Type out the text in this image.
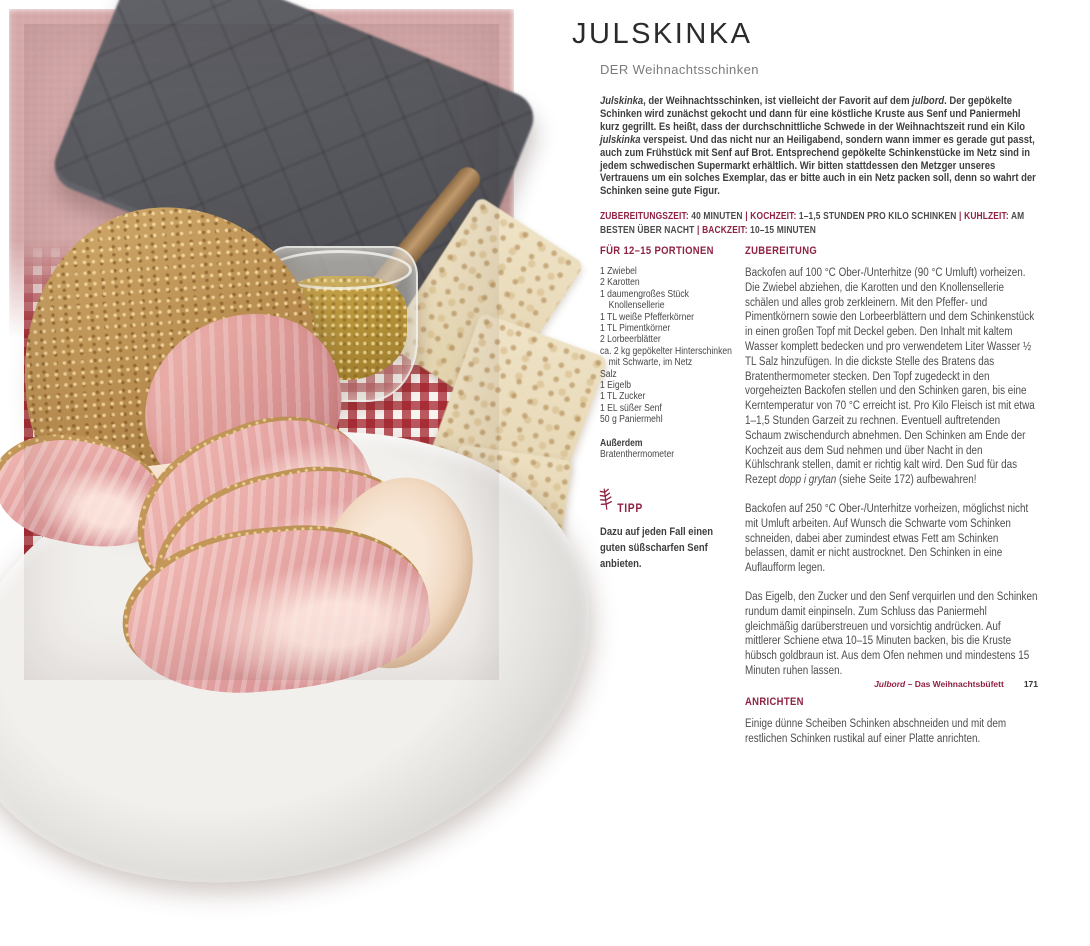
JULSKINKA
DER Weihnachtsschinken
Julskinka, der Weihnachtsschinken, ist vielleicht der Favorit auf dem julbord. Der gepökelte Schinken wird zunächst gekocht und dann für eine köstliche Kruste aus Senf und Paniermehl kurz gegrillt. Es heißt, dass der durchschnittliche Schwede in der Weihnachtszeit rund ein Kilo julskinka verspeist. Und das nicht nur an Heiligabend, sondern wann immer es gerade gut passt, auch zum Frühstück mit Senf auf Brot. Entsprechend gepökelte Schinkenstücke im Netz sind in jedem schwedischen Supermarkt erhältlich. Wir bitten stattdessen den Metzger unseres Vertrauens um ein solches Exemplar, das er bitte auch in ein Netz packen soll, denn so wahrt der Schinken seine gute Figur.
ZUBEREITUNGSZEIT: 40 MINUTEN | KOCHZEIT: 1–1,5 STUNDEN PRO KILO SCHINKEN | KÜHLZEIT: AM BESTEN ÜBER NACHT | BACKZEIT: 10–15 MINUTEN
FÜR 12–15 PORTIONEN
1 Zwiebel
2 Karotten
1 daumengroßes Stück
Knollensellerie
1 TL weiße Pfefferkörner
1 TL Pimentkörner
2 Lorbeerblätter
ca. 2 kg gepökelter Hinterschinken
mit Schwarte, im Netz
Salz
1 Eigelb
1 TL Zucker
1 EL süßer Senf
50 g Paniermehl
Außerdem
Bratenthermometer
TIPP
Dazu auf jeden Fall einen guten süßscharfen Senf anbieten.
ZUBEREITUNG

Backofen auf 100 °C Ober-/Unterhitze (90 °C Umluft) vorheizen. Die Zwiebel abziehen, die Karotten und den Knollensellerie schälen und alles grob zerkleinern. Mit den Pfeffer- und Pimentkörnern sowie den Lorbeerblättern und dem Schinkenstück in einen großen Topf mit Deckel geben. Den Inhalt mit kaltem Wasser komplett bedecken und pro verwendetem Liter Wasser ½ TL Salz hinzufügen. In die dickste Stelle des Bratens das Bratenthermometer stecken. Den Topf zugedeckt in den vorgeheizten Backofen stellen und den Schinken garen, bis eine Kerntemperatur von 70 °C erreicht ist. Pro Kilo Fleisch ist mit etwa 1–1,5 Stunden Garzeit zu rechnen. Eventuell auftretenden Schaum zwischendurch abnehmen. Den Schinken am Ende der Kochzeit aus dem Sud nehmen und über Nacht in den Kühlschrank stellen, damit er richtig kalt wird. Den Sud für das Rezept dopp i grytan (siehe Seite 172) aufbewahren!

Backofen auf 250 °C Ober-/Unterhitze vorheizen, möglichst nicht mit Umluft arbeiten. Auf Wunsch die Schwarte vom Schinken schneiden, dabei aber zumindest etwas Fett am Schinken belassen, damit er nicht austrocknet. Den Schinken in eine Auflaufform legen.

Das Eigelb, den Zucker und den Senf verquirlen und den Schinken rundum damit einpinseln. Zum Schluss das Paniermehl gleichmäßig darüberstreuen und vorsichtig andrücken. Auf mittlerer Schiene etwa 10–15 Minuten backen, bis die Kruste hübsch goldbraun ist. Aus dem Ofen nehmen und mindestens 15 Minuten ruhen lassen.

ANRICHTEN

Einige dünne Scheiben Schinken abschneiden und mit dem restlichen Schinken rustikal auf einer Platte anrichten.

Julbord – Das Weihnachtsbüfett 171
